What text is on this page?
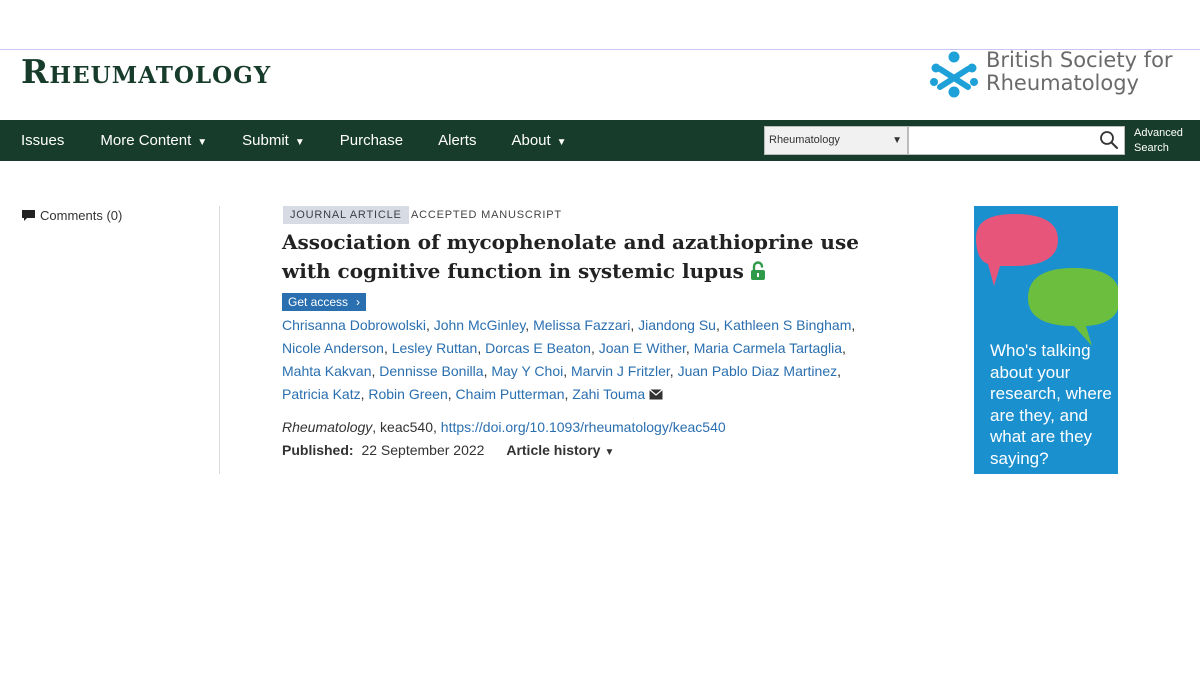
Rheumatology	British Society for
Rheumatology
Issues More Content ▼ Submit ▼ Purchase Alerts About ▼	Rheumatology	▼
Advanced
Search
Comments (0)	JOURNAL ARTICLE ACCEPTED MANUSCRIPT
Association of mycophenolate and azathioprine use with cognitive function in systemic lupus
Get access ›
Chrisanna Dobrowolski, John McGinley, Melissa Fazzari, Jiandong Su, Kathleen S Bingham, Nicole Anderson, Lesley Ruttan, Dorcas E Beaton, Joan E Wither, Maria Carmela Tartaglia, Mahta Kakvan, Dennisse Bonilla, May Y Choi, Marvin J Fritzler, Juan Pablo Diaz Martinez, Patricia Katz, Robin Green, Chaim Putterman, Zahi Touma
Rheumatology, keac540, https://doi.org/10.1093/rheumatology/keac540
Published: 22 September 2022 Article history ▼
Who's talking about your research, where are they, and what are they saying?
